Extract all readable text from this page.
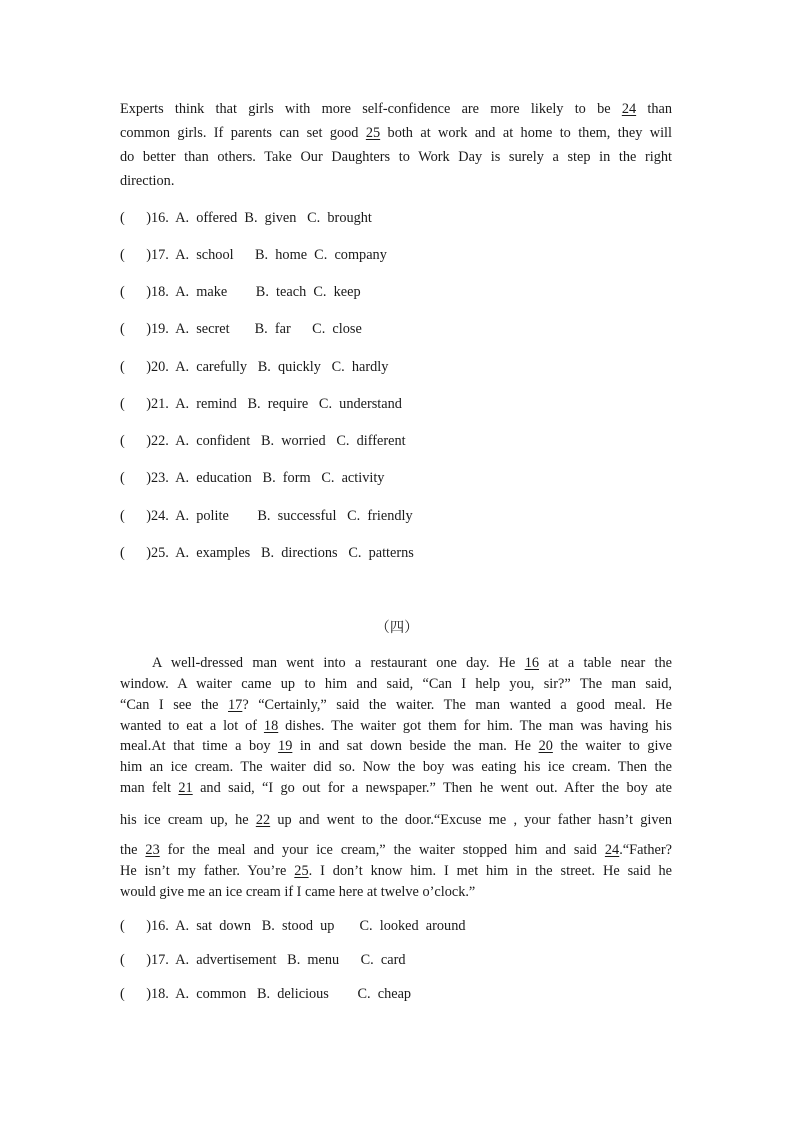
Experts think that girls with more self-confidence are more likely to be 24 than
common girls. If parents can set good 25 both at work and at home to them, they will
do better than others. Take Our Daughters to Work Day is surely a step in the right
direction.
(      )16.  A.  offered  B.  given   C.  brought
(      )17.  A.  school      B.  home  C.  company
(      )18.  A.  make        B.  teach  C.  keep
(      )19.  A.  secret       B.  far      C.  close
(      )20.  A.  carefully   B.  quickly   C.  hardly
(      )21.  A.  remind   B.  require   C.  understand
(      )22.  A.  confident   B.  worried   C.  different
(      )23.  A.  education   B.  form   C.  activity
(      )24.  A.  polite        B.  successful   C.  friendly
(      )25.  A.  examples   B.  directions   C.  patterns
（四）
A well-dressed man went into a restaurant one day. He 16 at a table near the
window. A waiter came up to him and said, “Can I help you, sir?” The man said,
“Can I see the 17? “Certainly,” said the waiter. The man wanted a good meal. He
wanted to eat a lot of 18 dishes. The waiter got them for him. The man was having his
meal.At that time a boy 19 in and sat down beside the man. He 20 the waiter to give
him an ice cream. The waiter did so. Now the boy was eating his ice cream. Then the
man felt 21 and said, “I go out for a newspaper.” Then he went out. After the boy ate
his ice cream up, he 22 up and went to the door.“Excuse me , your father hasn’t given
the 23 for the meal and your ice cream,” the waiter stopped him and said 24.“Father?
He isn’t my father. You’re 25. I don’t know him. I met him in the street. He said he
would give me an ice cream if I came here at twelve o’clock.”
(      )16.  A.  sat  down   B.  stood  up       C.  looked  around
(      )17.  A.  advertisement   B.  menu      C.  card
(      )18.  A.  common   B.  delicious        C.  cheap
